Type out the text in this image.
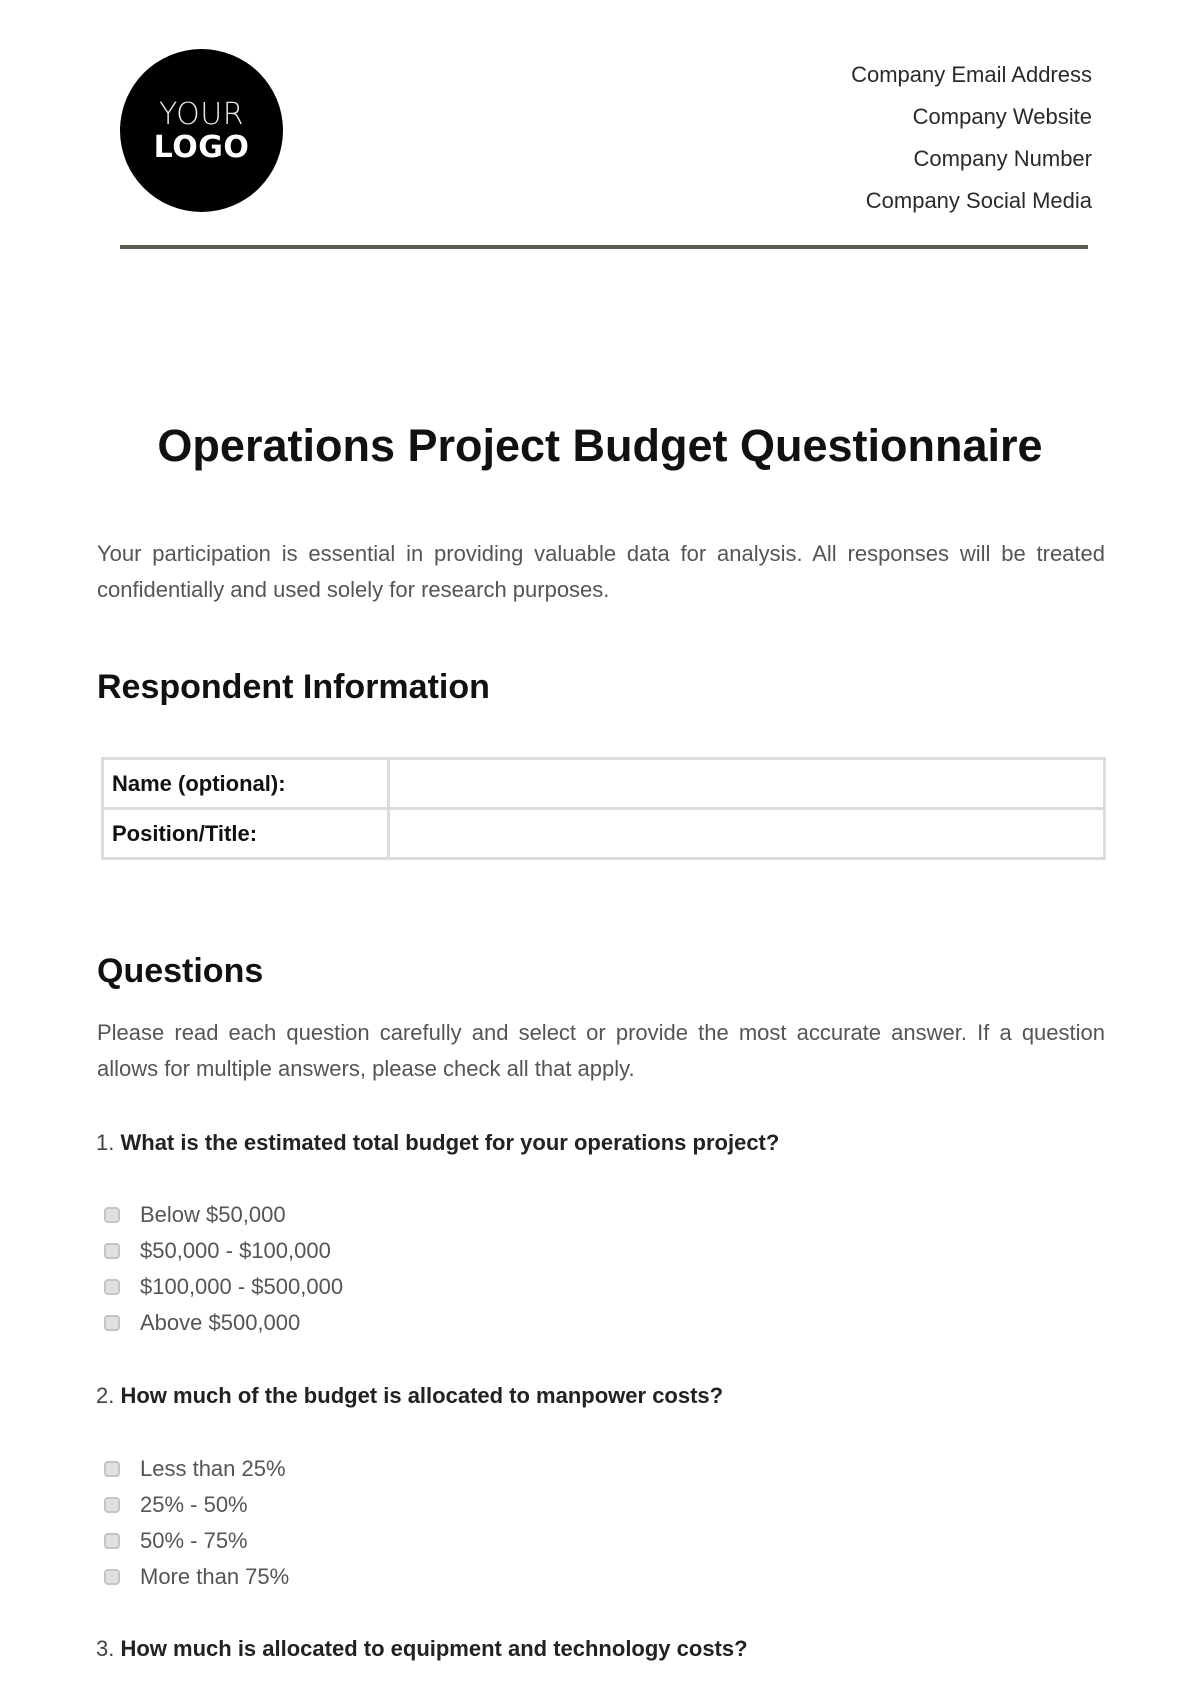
YOUR
LOGO
Company Email Address
Company Website
Company Number
Company Social Media
Operations Project Budget Questionnaire
Your participation is essential in providing valuable data for analysis. All responses will be treated confidentially and used solely for research purposes.
Respondent Information
Name (optional):	
Position/Title:	
Questions
Please read each question carefully and select or provide the most accurate answer. If a question allows for multiple answers, please check all that apply.
1. What is the estimated total budget for your operations project?
Below $50,000
$50,000 - $100,000
$100,000 - $500,000
Above $500,000
2. How much of the budget is allocated to manpower costs?
Less than 25%
25% - 50%
50% - 75%
More than 75%
3. How much is allocated to equipment and technology costs?
